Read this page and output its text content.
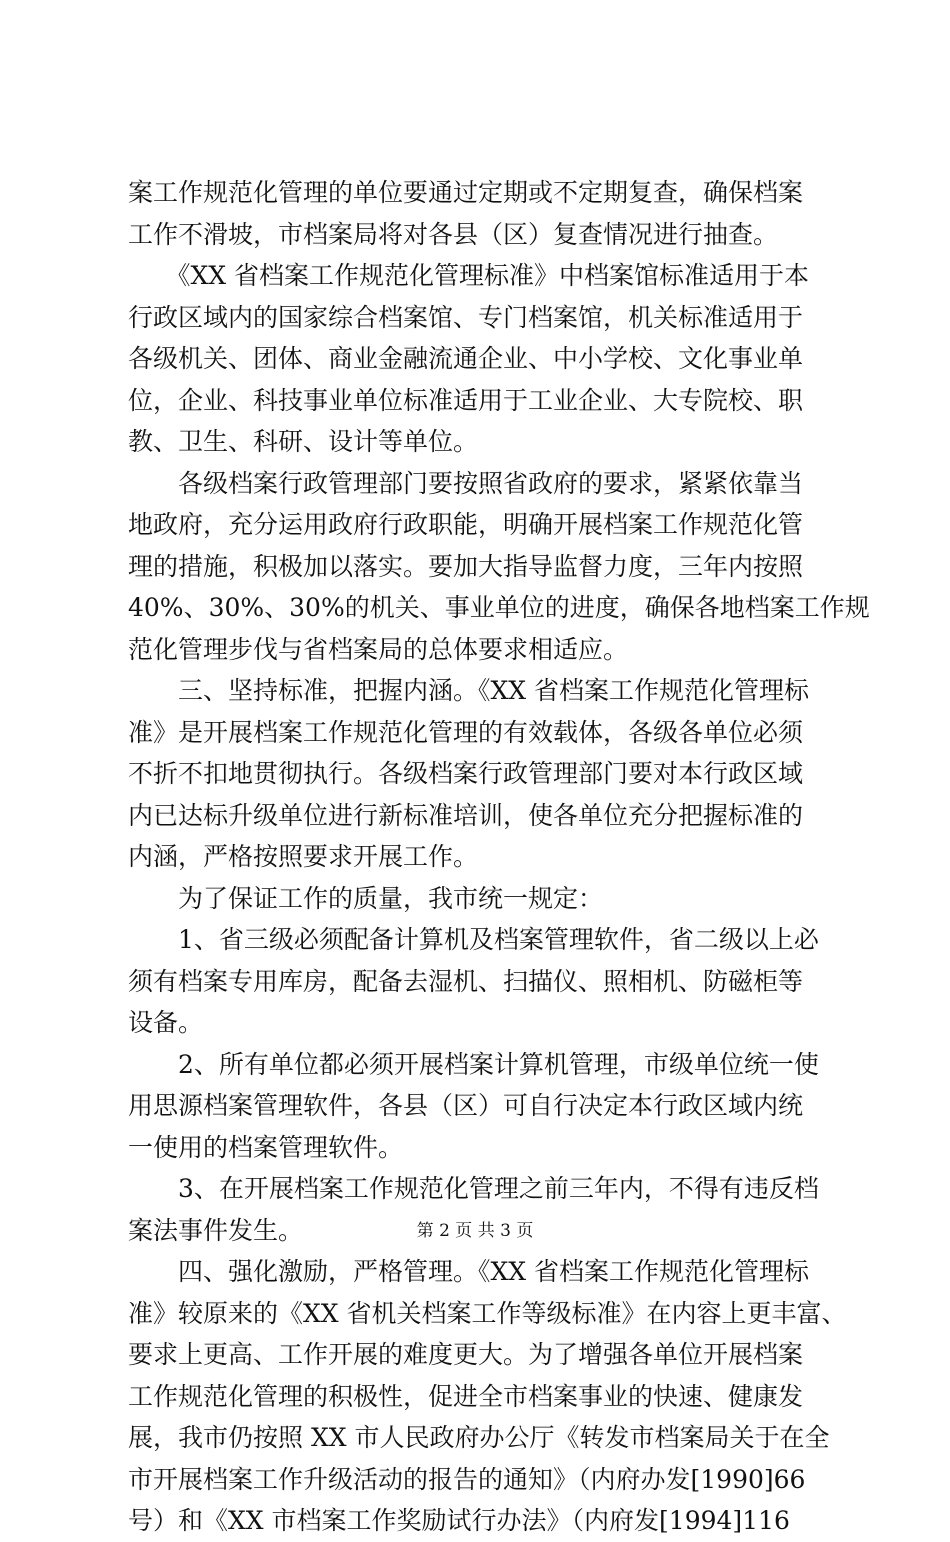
案工作规范化管理的单位要通过定期或不定期复查，确保档案
工作不滑坡，市档案局将对各县（区）复查情况进行抽查。
　　《XX 省档案工作规范化管理标准》中档案馆标准适用于本
行政区域内的国家综合档案馆、专门档案馆，机关标准适用于
各级机关、团体、商业金融流通企业、中小学校、文化事业单
位，企业、科技事业单位标准适用于工业企业、大专院校、职
教、卫生、科研、设计等单位。
　　各级档案行政管理部门要按照省政府的要求，紧紧依靠当
地政府，充分运用政府行政职能，明确开展档案工作规范化管
理的措施，积极加以落实。要加大指导监督力度，三年内按照
40%、30%、30%的机关、事业单位的进度，确保各地档案工作规
范化管理步伐与省档案局的总体要求相适应。
　　三、坚持标准，把握内涵。《XX 省档案工作规范化管理标
准》是开展档案工作规范化管理的有效载体，各级各单位必须
不折不扣地贯彻执行。各级档案行政管理部门要对本行政区域
内已达标升级单位进行新标准培训，使各单位充分把握标准的
内涵，严格按照要求开展工作。
　　为了保证工作的质量，我市统一规定：
　　1、省三级必须配备计算机及档案管理软件，省二级以上必
须有档案专用库房，配备去湿机、扫描仪、照相机、防磁柜等
设备。
　　2、所有单位都必须开展档案计算机管理，市级单位统一使
用思源档案管理软件，各县（区）可自行决定本行政区域内统
一使用的档案管理软件。
　　3、在开展档案工作规范化管理之前三年内，不得有违反档
案法事件发生。
　　四、强化激励，严格管理。《XX 省档案工作规范化管理标
准》较原来的《XX 省机关档案工作等级标准》在内容上更丰富、
要求上更高、工作开展的难度更大。为了增强各单位开展档案
工作规范化管理的积极性，促进全市档案事业的快速、健康发
展，我市仍按照 XX 市人民政府办公厅《转发市档案局关于在全
市开展档案工作升级活动的报告的通知》（内府办发[1990]66
号）和《XX 市档案工作奖励试行办法》（内府发[1994]116
第 2 页 共 3 页
